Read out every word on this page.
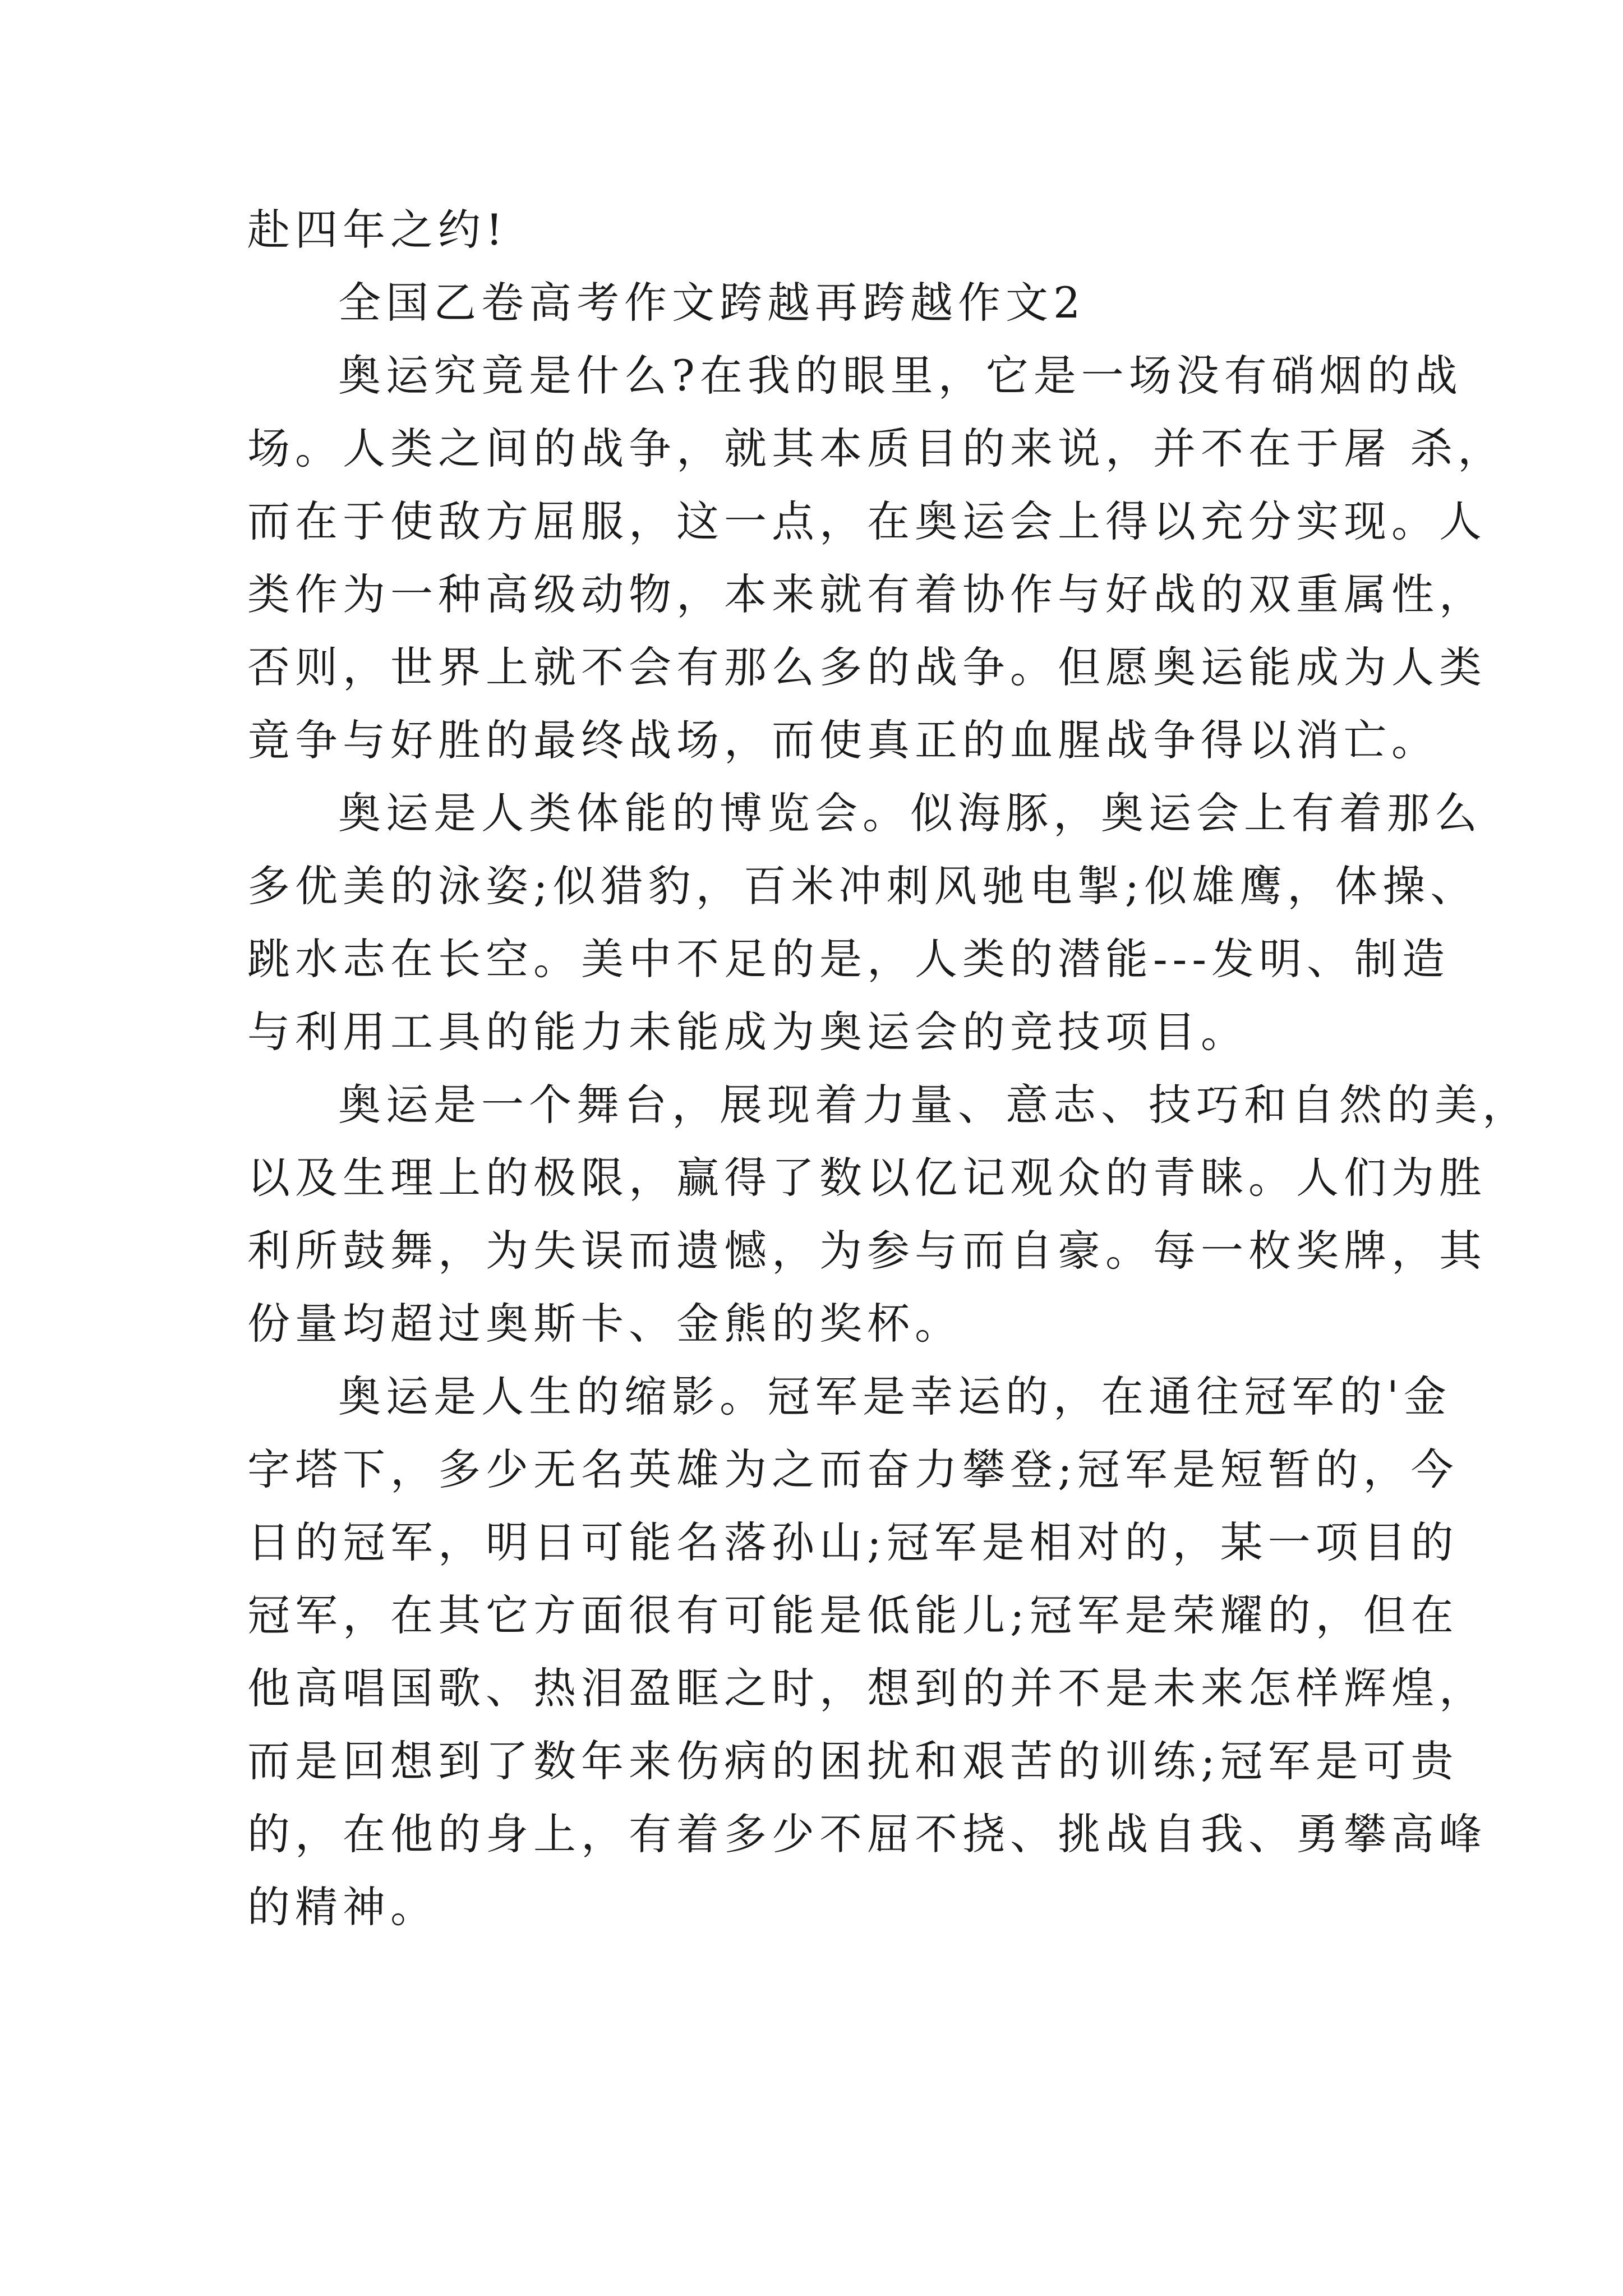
赴四年之约!
全国乙卷高考作文跨越再跨越作文2
奥运究竟是什么?在我的眼里，它是一场没有硝烟的战
场。人类之间的战争，就其本质目的来说，并不在于屠 杀，
而在于使敌方屈服，这一点，在奥运会上得以充分实现。人
类作为一种高级动物，本来就有着协作与好战的双重属性，
否则，世界上就不会有那么多的战争。但愿奥运能成为人类
竟争与好胜的最终战场，而使真正的血腥战争得以消亡。
奥运是人类体能的博览会。似海豚，奥运会上有着那么
多优美的泳姿;似猎豹，百米冲刺风驰电掣;似雄鹰，体操、
跳水志在长空。美中不足的是，人类的潜能---发明、制造
与利用工具的能力未能成为奥运会的竞技项目。
奥运是一个舞台，展现着力量、意志、技巧和自然的美，
以及生理上的极限，赢得了数以亿记观众的青睐。人们为胜
利所鼓舞，为失误而遗憾，为参与而自豪。每一枚奖牌，其
份量均超过奥斯卡、金熊的奖杯。
奥运是人生的缩影。冠军是幸运的，在通往冠军的'金
字塔下，多少无名英雄为之而奋力攀登;冠军是短暂的，今
日的冠军，明日可能名落孙山;冠军是相对的，某一项目的
冠军，在其它方面很有可能是低能儿;冠军是荣耀的，但在
他高唱国歌、热泪盈眶之时，想到的并不是未来怎样辉煌，
而是回想到了数年来伤病的困扰和艰苦的训练;冠军是可贵
的，在他的身上，有着多少不屈不挠、挑战自我、勇攀高峰
的精神。
